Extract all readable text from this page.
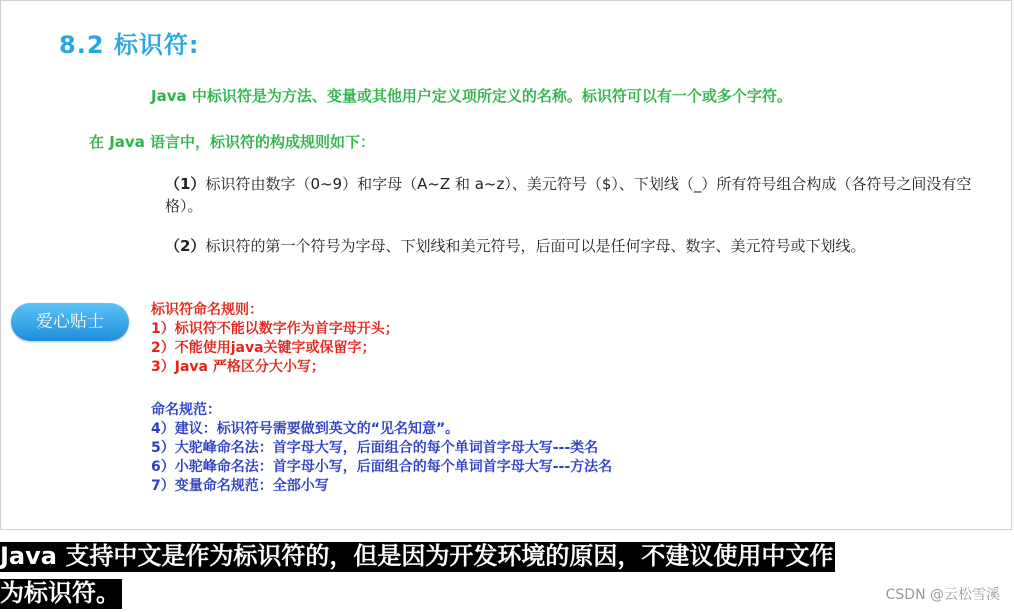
8.2 标识符:
Java 中标识符是为方法、变量或其他用户定义项所定义的名称。标识符可以有一个或多个字符。
在 Java 语言中，标识符的构成规则如下：
（1）标识符由数字（0~9）和字母（A~Z 和 a~z）、美元符号（$）、下划线（_）所有符号组合构成（各符号之间没有空格）。
（2）标识符的第一个符号为字母、下划线和美元符号，后面可以是任何字母、数字、美元符号或下划线。
爱心贴士
标识符命名规则：
1）标识符不能以数字作为首字母开头；
2）不能使用java关键字或保留字；
3）Java 严格区分大小写；
命名规范：
4）建议：标识符号需要做到英文的“见名知意”。
5）大驼峰命名法：首字母大写，后面组合的每个单词首字母大写---类名
6）小驼峰命名法：首字母小写，后面组合的每个单词首字母大写---方法名
7）变量命名规范：全部小写
Java 支持中文是作为标识符的，但是因为开发环境的原因，不建议使用中文作
为标识符。	CSDN @云松雪溪
